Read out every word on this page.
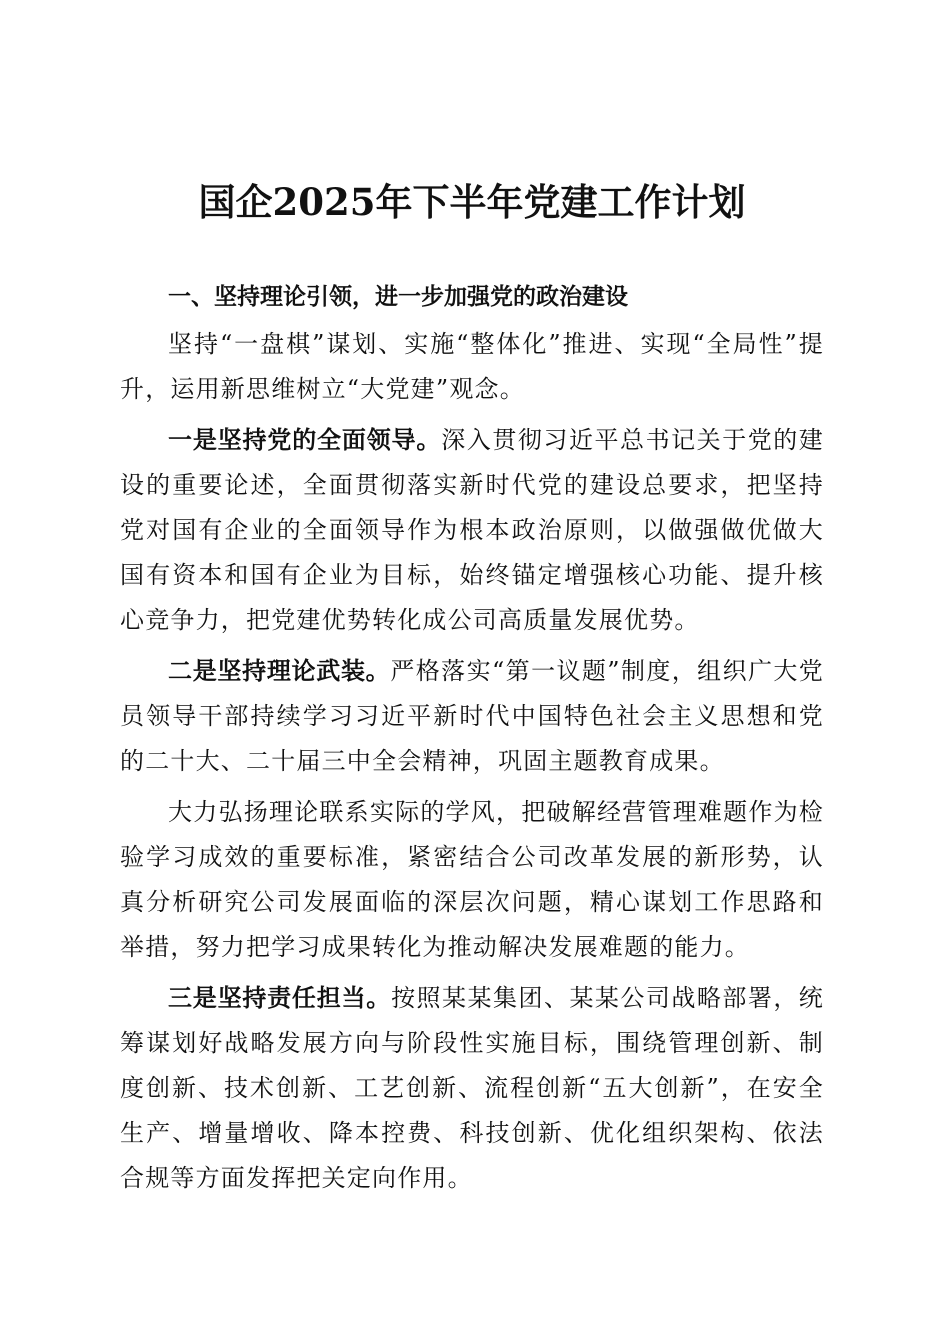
国企2025年下半年党建工作计划

一、坚持理论引领，进一步加强党的政治建设

坚持“一盘棋”谋划、实施“整体化”推进、实现“全局性”提升，运用新思维树立“大党建”观念。

一是坚持党的全面领导。深入贯彻习近平总书记关于党的建设的重要论述，全面贯彻落实新时代党的建设总要求，把坚持党对国有企业的全面领导作为根本政治原则，以做强做优做大国有资本和国有企业为目标，始终锚定增强核心功能、提升核心竞争力，把党建优势转化成公司高质量发展优势。

二是坚持理论武装。严格落实“第一议题”制度，组织广大党员领导干部持续学习习近平新时代中国特色社会主义思想和党的二十大、二十届三中全会精神，巩固主题教育成果。

大力弘扬理论联系实际的学风，把破解经营管理难题作为检验学习成效的重要标准，紧密结合公司改革发展的新形势，认真分析研究公司发展面临的深层次问题，精心谋划工作思路和举措，努力把学习成果转化为推动解决发展难题的能力。

三是坚持责任担当。按照某某集团、某某公司战略部署，统筹谋划好战略发展方向与阶段性实施目标，围绕管理创新、制度创新、技术创新、工艺创新、流程创新“五大创新”，在安全生产、增量增收、降本控费、科技创新、优化组织架构、依法合规等方面发挥把关定向作用。
